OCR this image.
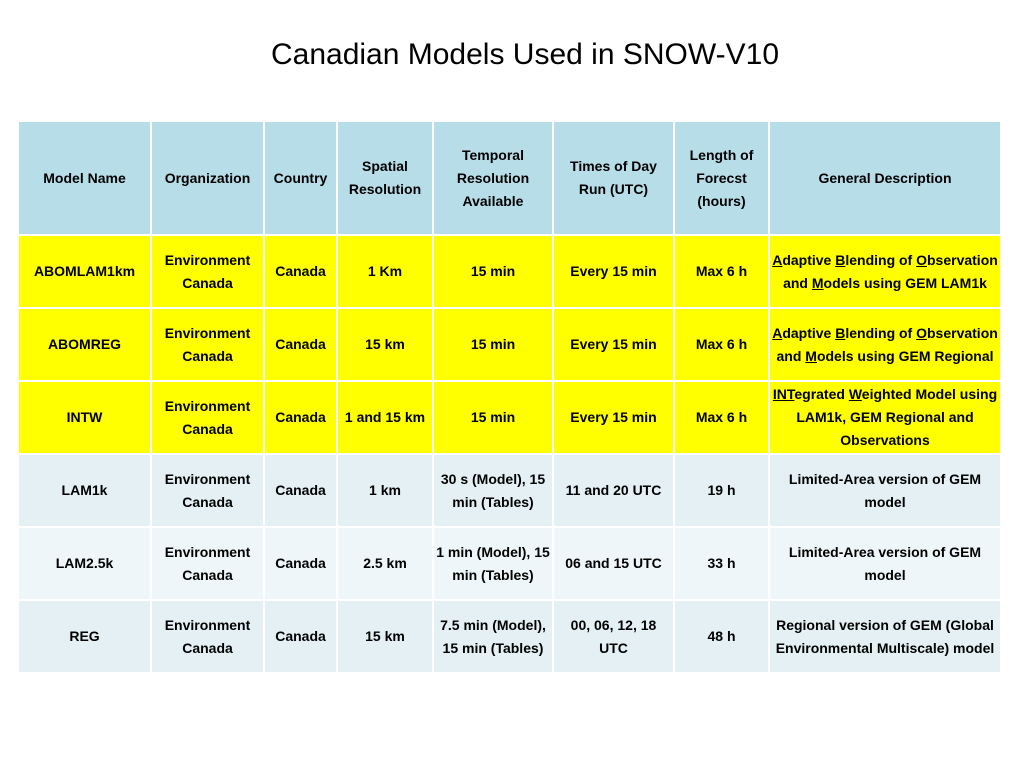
Canadian Models Used in SNOW-V10
Model Name	Organization	Country	Spatial Resolution	Temporal Resolution Available	Times of Day Run (UTC)	Length of Forecst (hours)	General Description
ABOMLAM1km	Environment Canada	Canada	1 Km	15 min	Every 15 min	Max 6 h	Adaptive Blending of Observation and Models using GEM LAM1k
ABOMREG	Environment Canada	Canada	15 km	15 min	Every 15 min	Max 6 h	Adaptive Blending of Observation and Models using GEM Regional
INTW	Environment Canada	Canada	1 and 15 km	15 min	Every 15 min	Max 6 h	INTegrated Weighted Model using LAM1k, GEM Regional and Observations
LAM1k	Environment Canada	Canada	1 km	30 s (Model), 15 min (Tables)	11 and 20 UTC	19 h	Limited-Area version of GEM model
LAM2.5k	Environment Canada	Canada	2.5 km	1 min (Model), 15 min (Tables)	06 and 15 UTC	33 h	Limited-Area version of GEM model
REG	Environment Canada	Canada	15 km	7.5 min (Model), 15 min (Tables)	00, 06, 12, 18 UTC	48 h	Regional version of GEM (Global Environmental Multiscale) model
